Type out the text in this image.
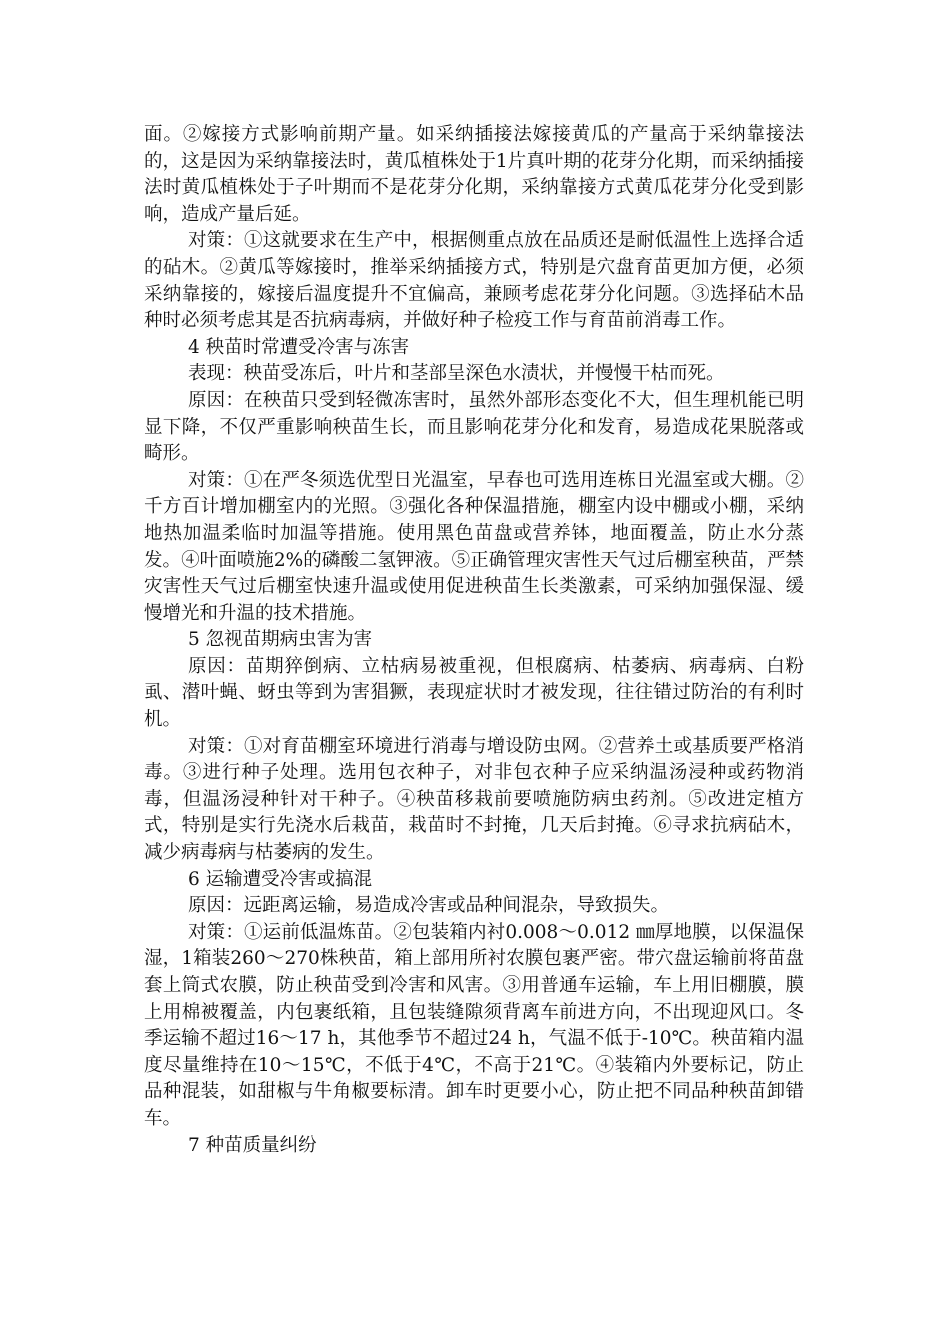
面。②嫁接方式影响前期产量。如采纳插接法嫁接黄瓜的产量高于采纳靠接法的，这是因为采纳靠接法时，黄瓜植株处于1片真叶期的花芽分化期，而采纳插接法时黄瓜植株处于子叶期而不是花芽分化期，采纳靠接方式黄瓜花芽分化受到影响，造成产量后延。

对策：①这就要求在生产中，根据侧重点放在品质还是耐低温性上选择合适的砧木。②黄瓜等嫁接时，推举采纳插接方式，特别是穴盘育苗更加方便，必须采纳靠接的，嫁接后温度提升不宜偏高，兼顾考虑花芽分化问题。③选择砧木品种时必须考虑其是否抗病毒病，并做好种子检疫工作与育苗前消毒工作。

4 秧苗时常遭受冷害与冻害

表现：秧苗受冻后，叶片和茎部呈深色水渍状，并慢慢干枯而死。

原因：在秧苗只受到轻微冻害时，虽然外部形态变化不大，但生理机能已明显下降，不仅严重影响秧苗生长，而且影响花芽分化和发育，易造成花果脱落或畸形。

对策：①在严冬须选优型日光温室，早春也可选用连栋日光温室或大棚。②千方百计增加棚室内的光照。③强化各种保温措施，棚室内设中棚或小棚，采纳地热加温柔临时加温等措施。使用黑色苗盘或营养钵，地面覆盖，防止水分蒸发。④叶面喷施2%的磷酸二氢钾液。⑤正确管理灾害性天气过后棚室秧苗，严禁灾害性天气过后棚室快速升温或使用促进秧苗生长类激素，可采纳加强保湿、缓慢增光和升温的技术措施。

5 忽视苗期病虫害为害

原因：苗期猝倒病、立枯病易被重视，但根腐病、枯萎病、病毒病、白粉虱、潜叶蝇、蚜虫等到为害猖獗，表现症状时才被发现，往往错过防治的有利时机。

对策：①对育苗棚室环境进行消毒与增设防虫网。②营养土或基质要严格消毒。③进行种子处理。选用包衣种子，对非包衣种子应采纳温汤浸种或药物消毒，但温汤浸种针对干种子。④秧苗移栽前要喷施防病虫药剂。⑤改进定植方式，特别是实行先浇水后栽苗，栽苗时不封掩，几天后封掩。⑥寻求抗病砧木，减少病毒病与枯萎病的发生。

6 运输遭受冷害或搞混

原因：远距离运输，易造成冷害或品种间混杂，导致损失。

对策：①运前低温炼苗。②包装箱内衬0.008～0.012 ㎜厚地膜，以保温保湿，1箱装260～270株秧苗，箱上部用所衬农膜包裹严密。带穴盘运输前将苗盘套上筒式农膜，防止秧苗受到冷害和风害。③用普通车运输，车上用旧棚膜，膜上用棉被覆盖，内包裹纸箱，且包装缝隙须背离车前进方向，不出现迎风口。冬季运输不超过16～17 h，其他季节不超过24 h，气温不低于-10℃。秧苗箱内温度尽量维持在10～15℃，不低于4℃，不高于21℃。④装箱内外要标记，防止品种混装，如甜椒与牛角椒要标清。卸车时更要小心，防止把不同品种秧苗卸错车。

7 种苗质量纠纷
